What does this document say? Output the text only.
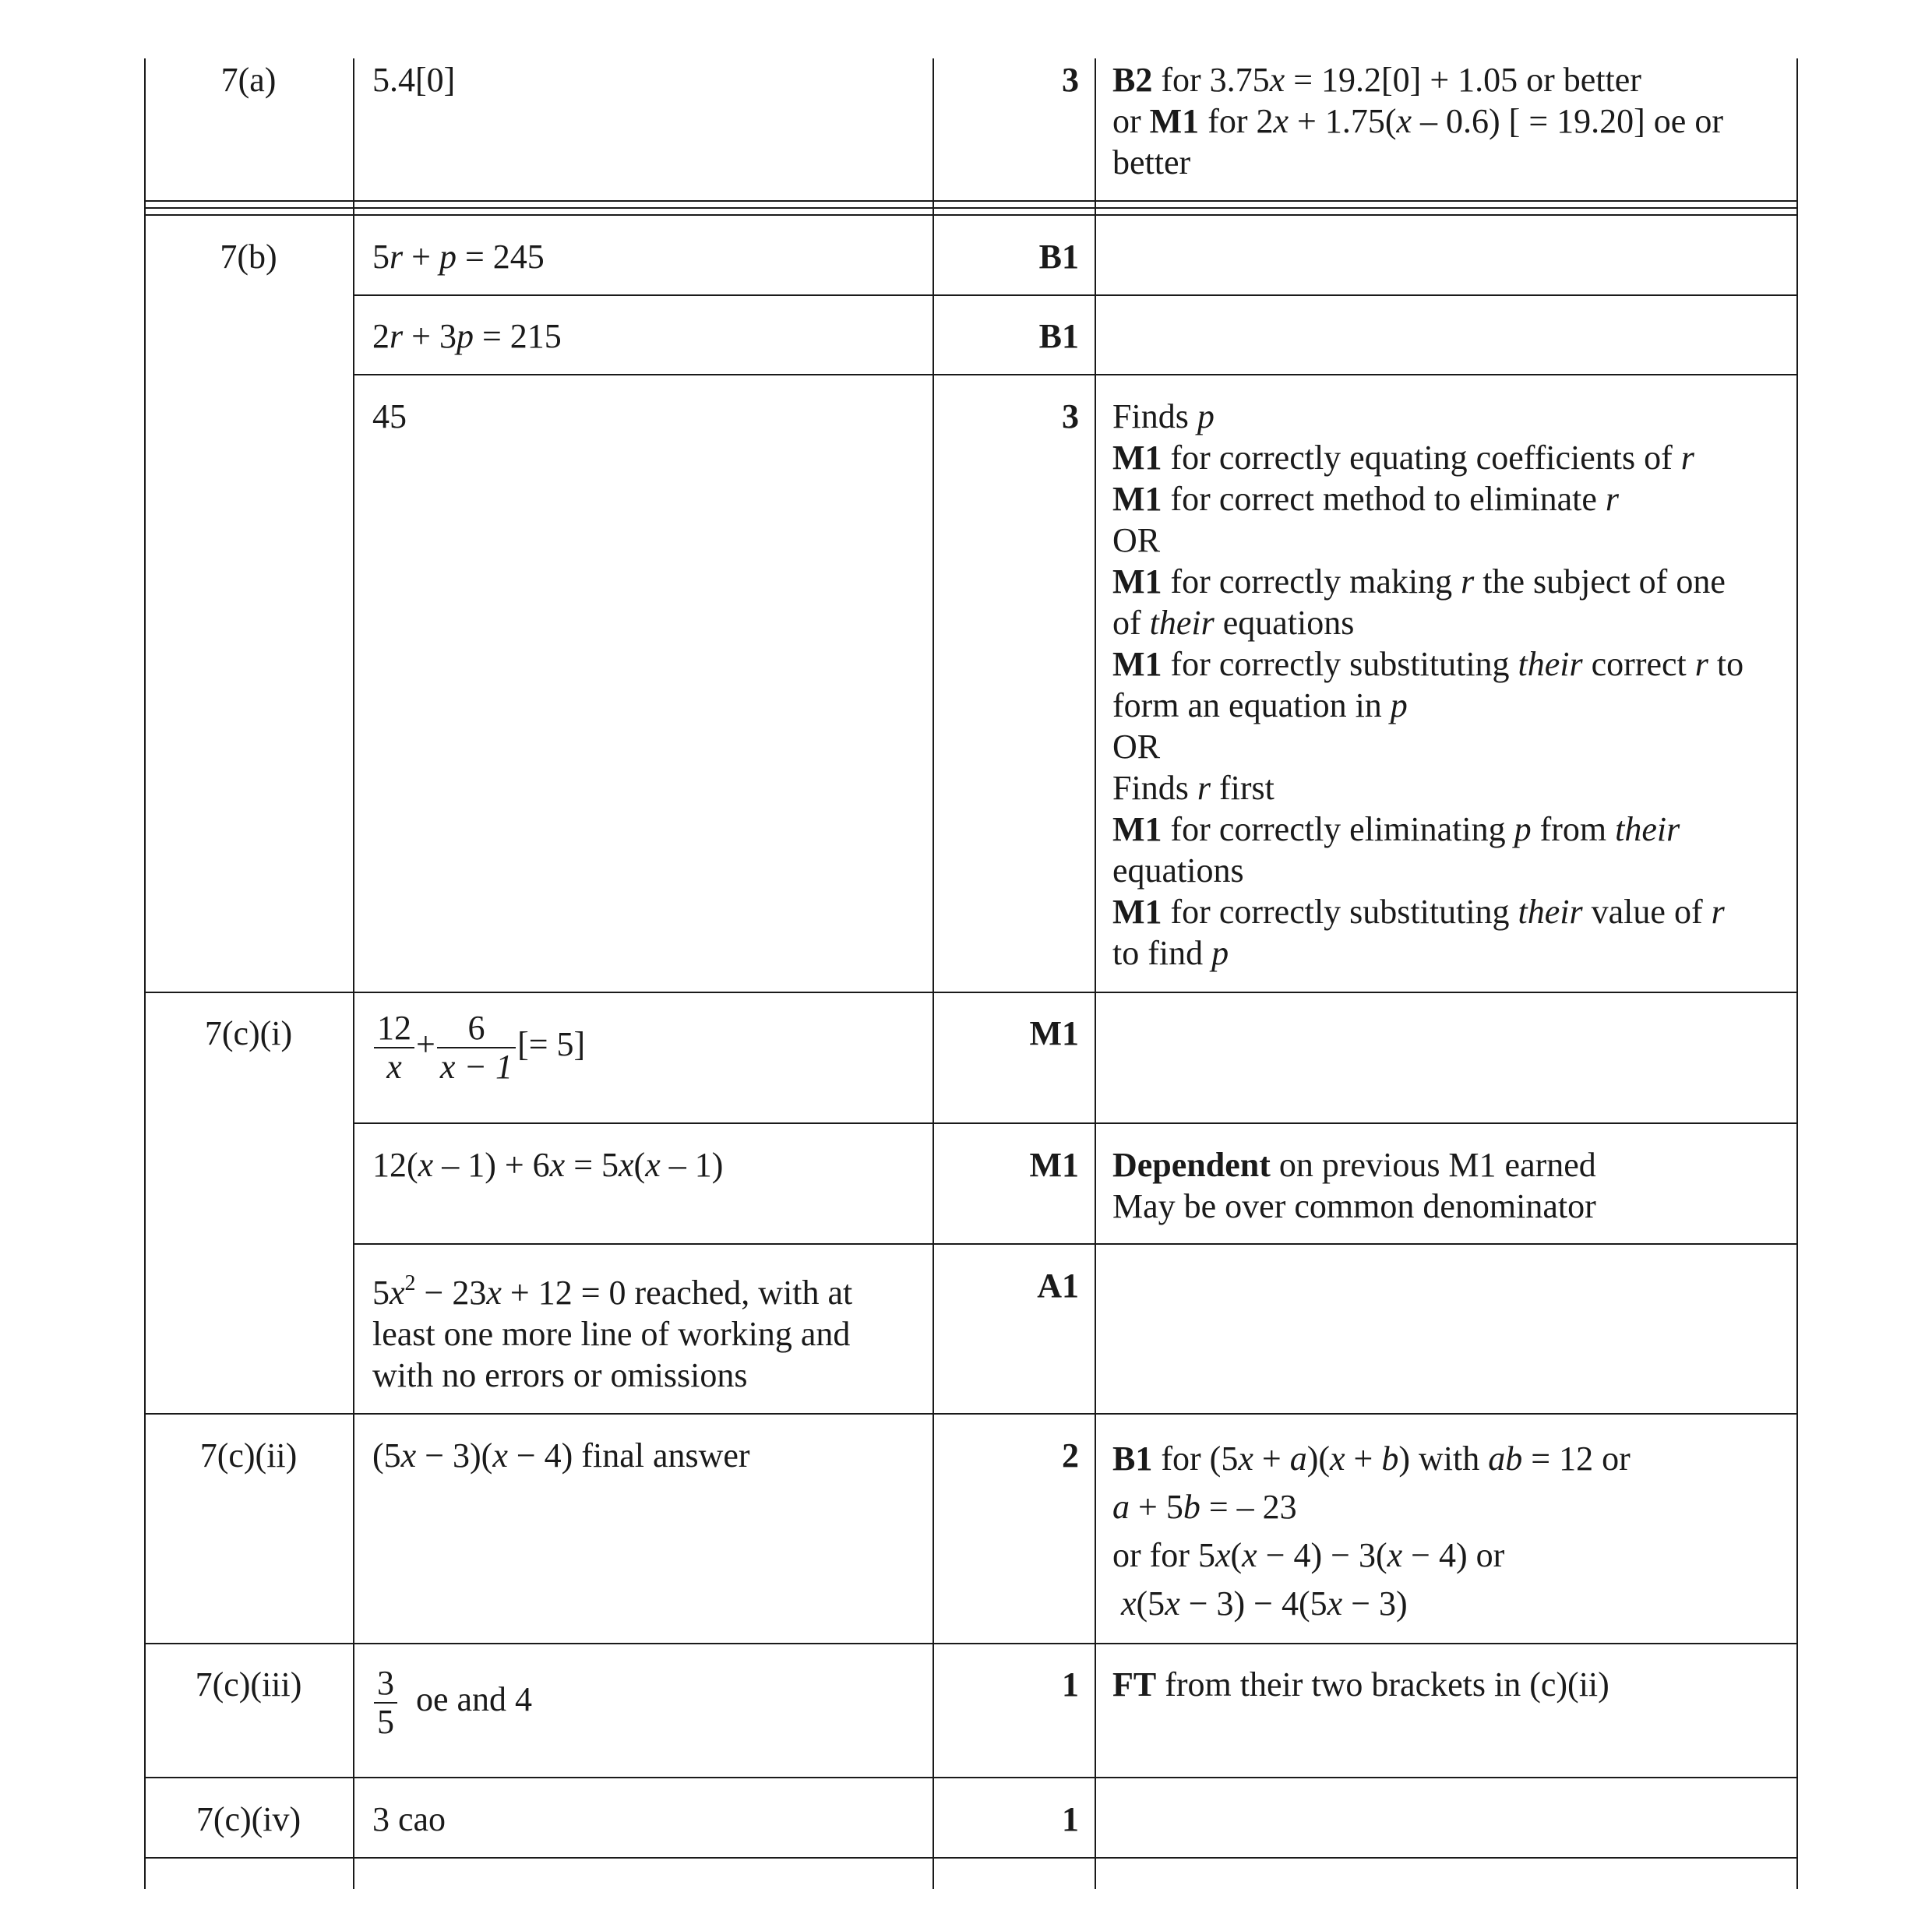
7(a)	5.4[0]	3 B2 for 3.75x = 19.2[0] + 1.05 or better
or M1 for 2x + 1.75(x – 0.6) [ = 19.20] oe or
better
7(b)	5r + p = 245	B1
2r + 3p = 215	B1
45	3 Finds p
M1 for correctly equating coefficients of r
M1 for correct method to eliminate r
OR
M1 for correctly making r the subject of one
of their equations
M1 for correctly substituting their correct r to
form an equation in p
OR
Finds r first
M1 for correctly eliminating p from their
equations
M1 for correctly substituting their value of r
to find p
7(c)(i)	$\frac{12}{x} + \frac{6}{x - 1}$ [= 5]	M1
12(x – 1) + 6x = 5x(x – 1)	M1 Dependent on previous M1 earned
May be over common denominator
$5x^2 - 23x + 12 = 0$ reached, with at
least one more line of working and
with no errors or omissions
A1
7(c)(ii)	(5x − 3)(x − 4) final answer	2 B1 for (5x + a)(x + b) with ab = 12 or
a + 5b = – 23
or for 5x(x − 4) − 3(x − 4) or
x(5x − 3) − 4(5x − 3)
7(c)(iii)	$\frac{3}{5}$ oe and 4	1 FT from their two brackets in (c)(ii)
7(c)(iv)	3 cao	1
